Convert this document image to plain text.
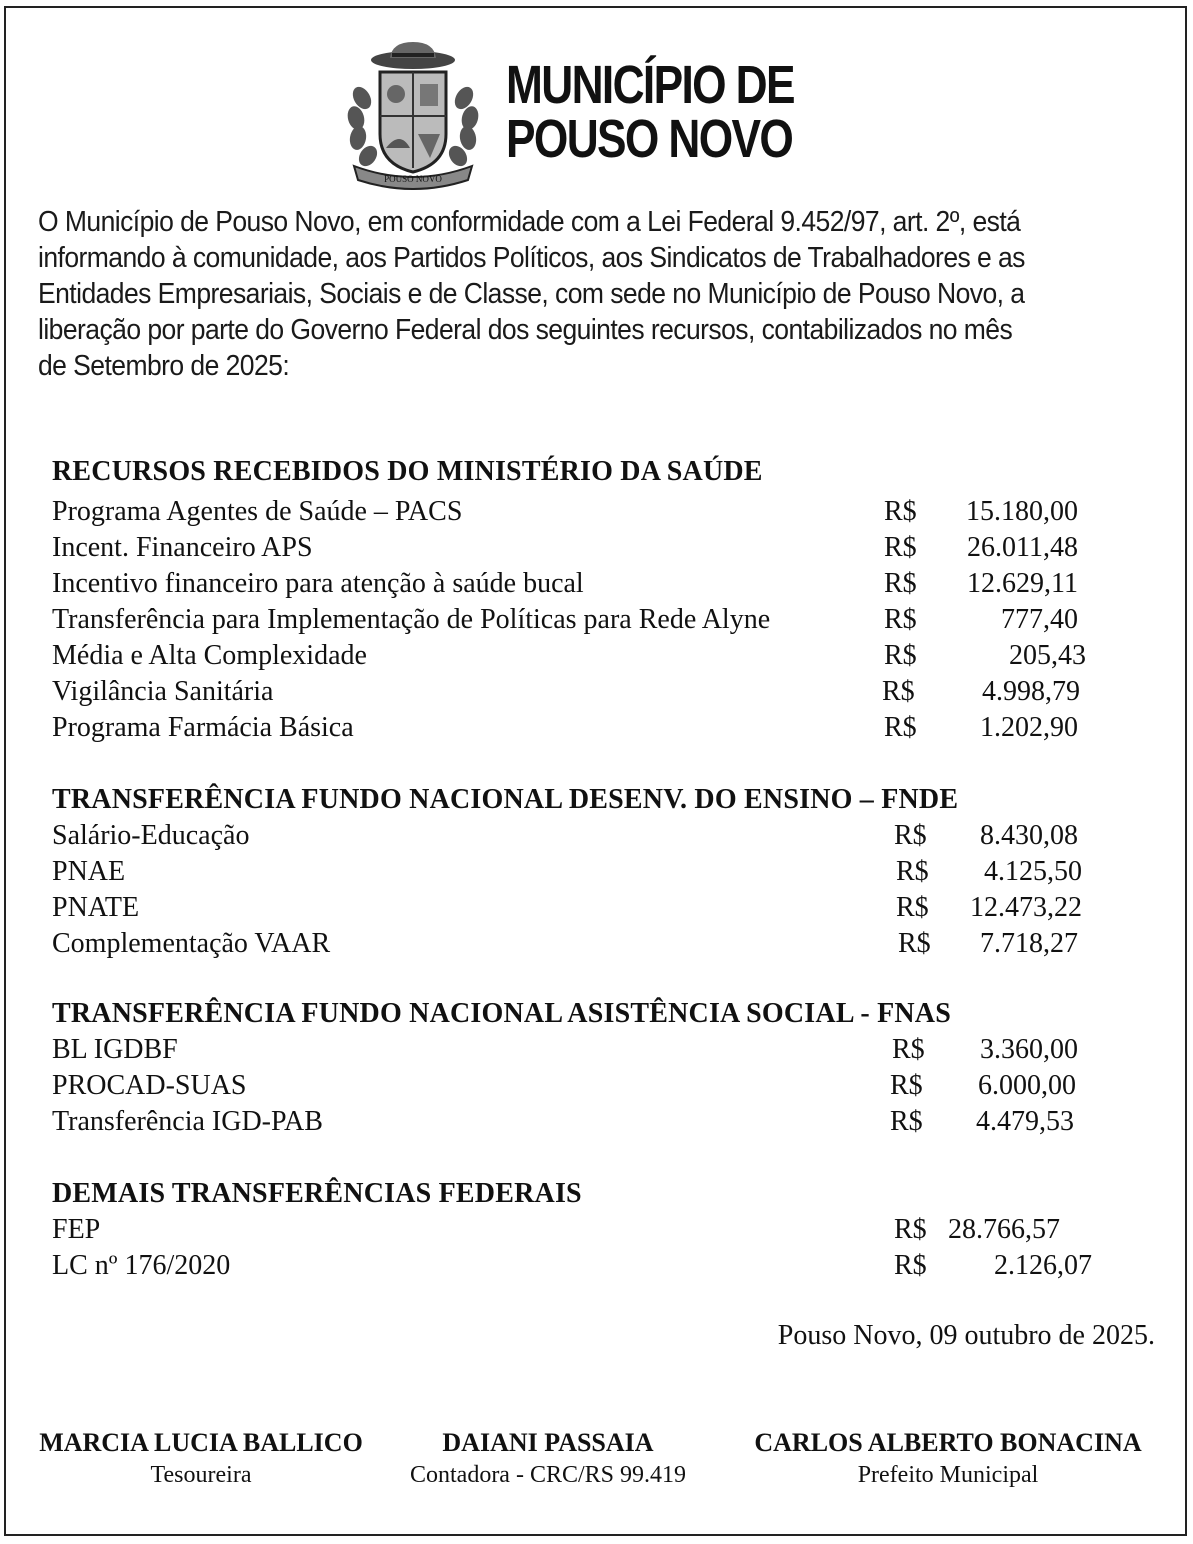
POUSO NOVO
MUNICÍPIO DE
POUSO NOVO
O Município de Pouso Novo, em conformidade com a Lei Federal 9.452/97, art. 2º, está
informando à comunidade, aos Partidos Políticos, aos Sindicatos de Trabalhadores e as
Entidades Empresariais, Sociais e de Classe, com sede no Município de Pouso Novo, a
liberação por parte do Governo Federal dos seguintes recursos, contabilizados no mês
de Setembro de 2025:
RECURSOS RECEBIDOS DO MINISTÉRIO DA SAÚDE
Programa Agentes de Saúde – PACS	R$	15.180,00
Incent. Financeiro APS	R$	26.011,48
Incentivo financeiro para atenção à saúde bucal	R$	12.629,11
Transferência para Implementação de Políticas para Rede Alyne	R$	777,40
Média e Alta Complexidade	R$	205,43
Vigilância Sanitária	R$	4.998,79
Programa Farmácia Básica	R$	1.202,90
TRANSFERÊNCIA FUNDO NACIONAL DESENV. DO ENSINO – FNDE
Salário-Educação	R$	8.430,08
PNAE	R$	4.125,50
PNATE	R$	12.473,22
Complementação VAAR	R$	7.718,27
TRANSFERÊNCIA FUNDO NACIONAL ASISTÊNCIA SOCIAL - FNAS
BL IGDBF	R$	3.360,00
PROCAD-SUAS	R$	6.000,00
Transferência IGD-PAB	R$	4.479,53
DEMAIS TRANSFERÊNCIAS FEDERAIS
FEP	R$ 28.766,57
LC nº 176/2020	R$	2.126,07
Pouso Novo, 09 outubro de 2025.
MARCIA LUCIA BALLICO
Tesoureira
DAIANI PASSAIA
Contadora - CRC/RS 99.419
CARLOS ALBERTO BONACINA
Prefeito Municipal
